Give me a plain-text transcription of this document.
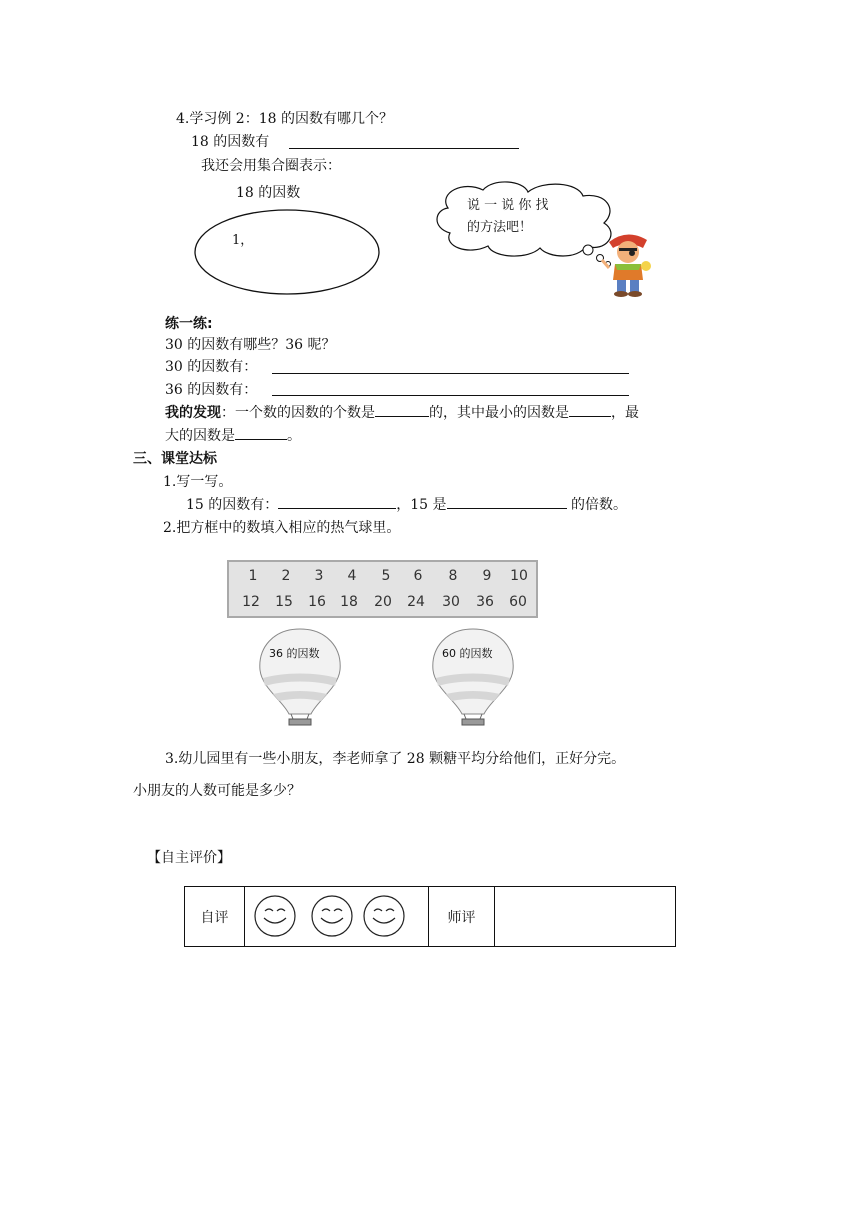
4.学习例 2：18 的因数有哪几个？
18 的因数有
我还会用集合圈表示：
18 的因数
1，
说 一 说 你 找
的方法吧！
练一练:
30 的因数有哪些？36 呢？
30 的因数有：
36 的因数有：
我的发现：一个数的因数的个数是	的，其中最小的因数是	，最
大的因数是	。
三、课堂达标
1.写一写。
15 的因数有：	，15 是	的倍数。
2.把方框中的数填入相应的热气球里。
1	2	3	4	5	6	8	9	10
12	15	16	18	20	24	30	36	60
36 的因数	60 的因数
3.幼儿园里有一些小朋友，李老师拿了 28 颗糖平均分给他们，正好分完。
小朋友的人数可能是多少？
【自主评价】
自评		师评	
